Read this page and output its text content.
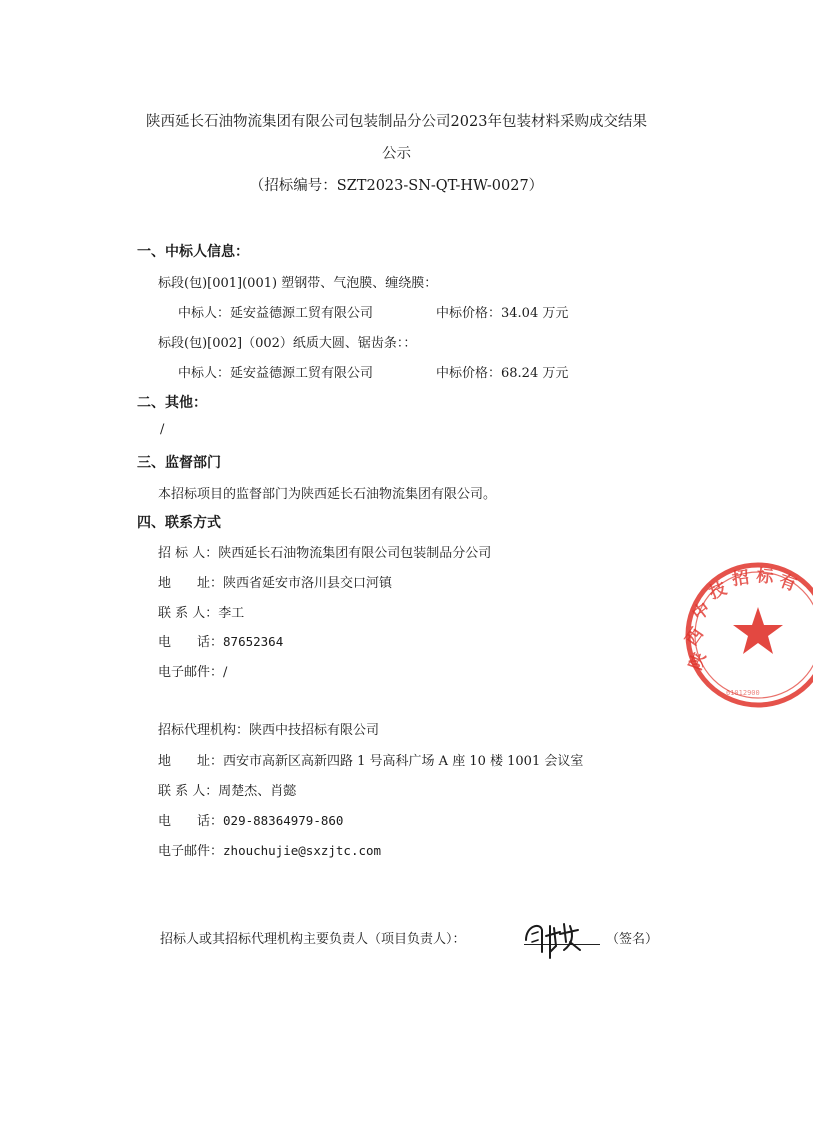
陕西延长石油物流集团有限公司包装制品分公司2023年包装材料采购成交结果
公示
（招标编号：SZT2023-SN-QT-HW-0027）
一、中标人信息：
标段(包)[001](001) 塑钢带、气泡膜、缠绕膜：
中标人：延安益德源工贸有限公司	中标价格：34.04 万元
标段(包)[002]（002）纸质大圆、锯齿条：：
中标人：延安益德源工贸有限公司	中标价格：68.24 万元
二、其他：
/
三、监督部门
本招标项目的监督部门为陕西延长石油物流集团有限公司。
四、联系方式
招 标 人：陕西延长石油物流集团有限公司包装制品分公司
地　　址：陕西省延安市洛川县交口河镇
联 系 人：李工
电　　话：87652364
电子邮件：/
招标代理机构：陕西中技招标有限公司
地　　址：西安市高新区高新四路 1 号高科广场 A 座 10 楼 1001 会议室
联 系 人：周楚杰、肖懿
电　　话：029-88364979-860
电子邮件：zhouchujie@sxzjtc.com
招标人或其招标代理机构主要负责人（项目负责人）：	（签名）
陕
西
中
技 招 标 有
61012900
